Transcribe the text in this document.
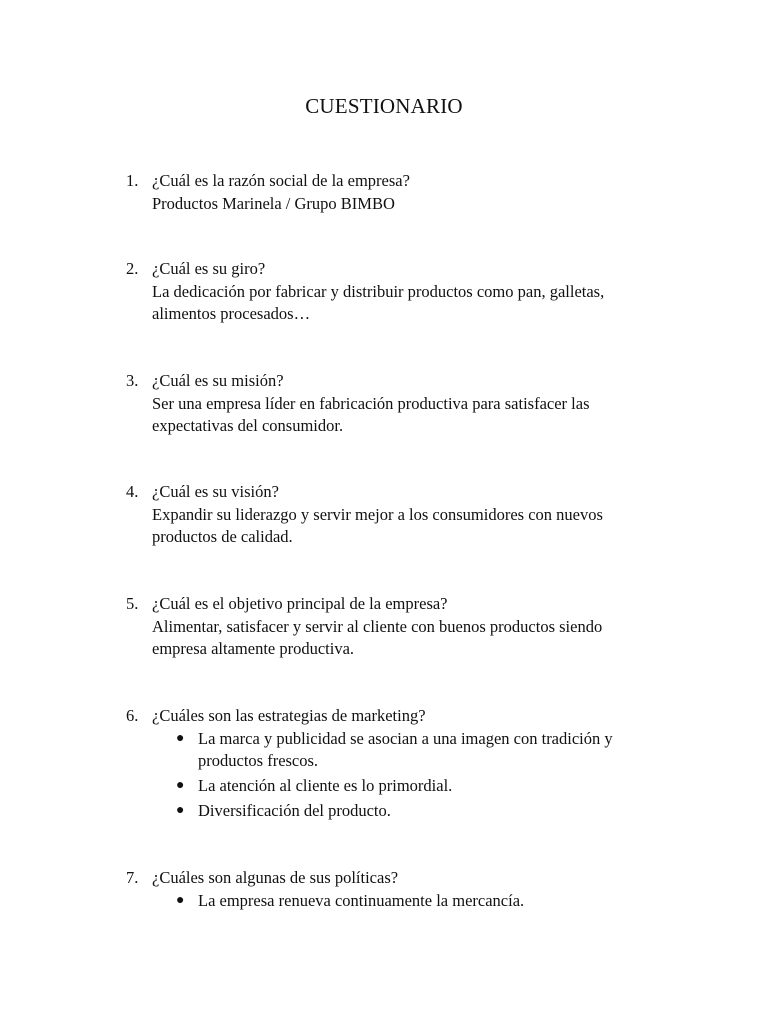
CUESTIONARIO
1. ¿Cuál es la razón social de la empresa?
Productos Marinela / Grupo BIMBO
2. ¿Cuál es su giro?
La dedicación por fabricar y distribuir productos como pan, galletas, alimentos procesados…
3. ¿Cuál es su misión?
Ser una empresa líder en fabricación productiva para satisfacer las expectativas del consumidor.
4. ¿Cuál es su visión?
Expandir su liderazgo y servir mejor a los consumidores con nuevos productos de calidad.
5. ¿Cuál es el objetivo principal de la empresa?
Alimentar, satisfacer y servir al cliente con buenos productos siendo empresa altamente productiva.
6. ¿Cuáles son las estrategias de marketing?
● La marca y publicidad se asocian a una imagen con tradición y productos frescos.
● La atención al cliente es lo primordial.
● Diversificación del producto.
7. ¿Cuáles son algunas de sus políticas?
● La empresa renueva continuamente la mercancía.
